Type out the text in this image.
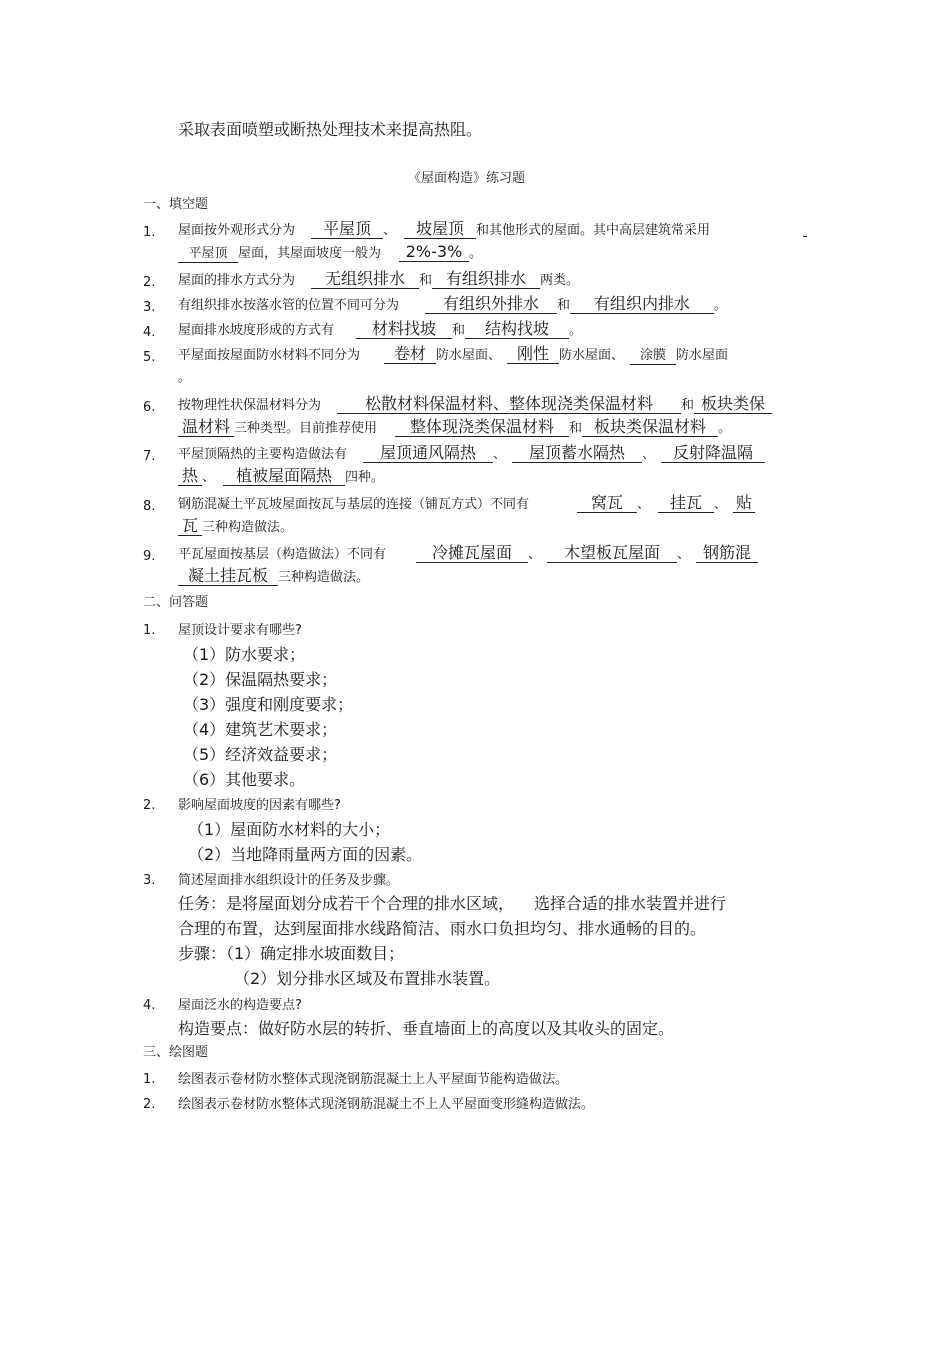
采取表面喷塑或断热处理技术来提高热阻。
《屋面构造》练习题
一、填空题
1. 屋面按外观形式分为 平屋顶 、 坡屋顶 和其他形式的屋面。其中高层建筑常采用
平屋顶 屋面，其屋面坡度一般为 2%-3% 。
2. 屋面的排水方式分为 无组织排水 和 有组织排水 两类。
3. 有组织排水按落水管的位置不同可分为	有组织外排水 和 有组织内排水 。
4. 屋面排水坡度形成的方式有 材料找坡 和 结构找坡 。
5. 平屋面按屋面防水材料不同分为 卷材 防水屋面、 刚性 防水屋面、 涂膜 防水屋面
。
6. 按物理性状保温材料分为	松散材料保温材料、整体现浇类保温材料 和 板块类保
温材料 三种类型。目前推荐使用 整体现浇类保温材料 和 板块类保温材料 。
7. 平屋顶隔热的主要构造做法有 屋顶通风隔热 、 屋顶蓄水隔热 、 反射降温隔
热 、 植被屋面隔热 四种。
8. 钢筋混凝土平瓦坡屋面按瓦与基层的连接（铺瓦方式）不同有	窝瓦 、 挂瓦 、 贴
瓦 三种构造做法。
9. 平瓦屋面按基层（构造做法）不同有	冷摊瓦屋面 、 木望板瓦屋面 、 钢筋混
凝土挂瓦板 三种构造做法。
二、问答题
1. 屋顶设计要求有哪些?
（1）防水要求；
（2）保温隔热要求；
（3）强度和刚度要求；
（4）建筑艺术要求；
（5）经济效益要求；
（6）其他要求。
2. 影响屋面坡度的因素有哪些?
（1）屋面防水材料的大小；
（2）当地降雨量两方面的因素。
3. 简述屋面排水组织设计的任务及步骤。
任务：是将屋面划分成若干个合理的排水区域， 选择合适的排水装置并进行
合理的布置，达到屋面排水线路简洁、雨水口负担均匀、排水通畅的目的。
步骤：（1）确定排水坡面数目；
（2）划分排水区域及布置排水装置。
4. 屋面泛水的构造要点?
构造要点：做好防水层的转折、垂直墙面上的高度以及其收头的固定。
三、绘图题
1. 绘图表示卷材防水整体式现浇钢筋混凝土上人平屋面节能构造做法。
2. 绘图表示卷材防水整体式现浇钢筋混凝土不上人平屋面变形缝构造做法。
